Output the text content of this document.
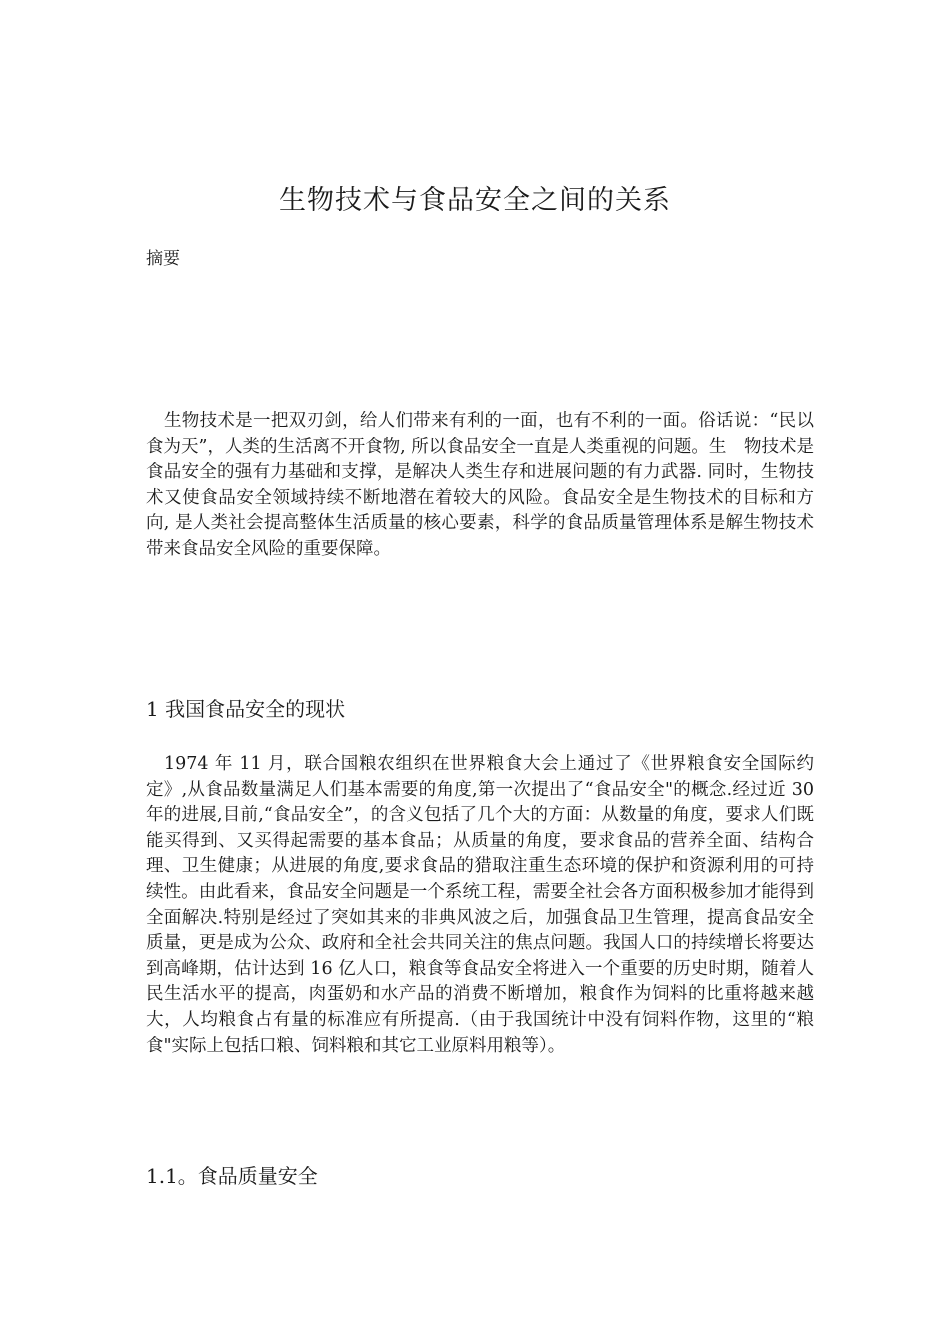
生物技术与食品安全之间的关系
摘要

生物技术是一把双刃剑，给人们带来有利的一面，也有不利的一面。俗话说：“民以食为天”，人类的生活离不开食物, 所以食品安全一直是人类重视的问题。生　物技术是食品安全的强有力基础和支撑，是解决人类生存和进展问题的有力武器. 同时，生物技术又使食品安全领域持续不断地潜在着较大的风险。食品安全是生物技术的目标和方向, 是人类社会提高整体生活质量的核心要素，科学的食品质量管理体系是解生物技术带来食品安全风险的重要保障。

1 我国食品安全的现状

1974 年 11 月，联合国粮农组织在世界粮食大会上通过了《世界粮食安全国际约定》,从食品数量满足人们基本需要的角度,第一次提出了“食品安全"的概念.经过近 30 年的进展,目前,“食品安全”，的含义包括了几个大的方面：从数量的角度，要求人们既能买得到、又买得起需要的基本食品；从质量的角度，要求食品的营养全面、结构合理、卫生健康；从进展的角度,要求食品的猎取注重生态环境的保护和资源利用的可持续性。由此看来，食品安全问题是一个系统工程，需要全社会各方面积极参加才能得到全面解决.特别是经过了突如其来的非典风波之后，加强食品卫生管理，提高食品安全质量，更是成为公众、政府和全社会共同关注的焦点问题。我国人口的持续增长将要达到高峰期，估计达到 16 亿人口，粮食等食品安全将进入一个重要的历史时期，随着人民生活水平的提高，肉蛋奶和水产品的消费不断增加，粮食作为饲料的比重将越来越大，人均粮食占有量的标准应有所提高.（由于我国统计中没有饲料作物，这里的“粮食"实际上包括口粮、饲料粮和其它工业原料用粮等）。

1.1。食品质量安全
